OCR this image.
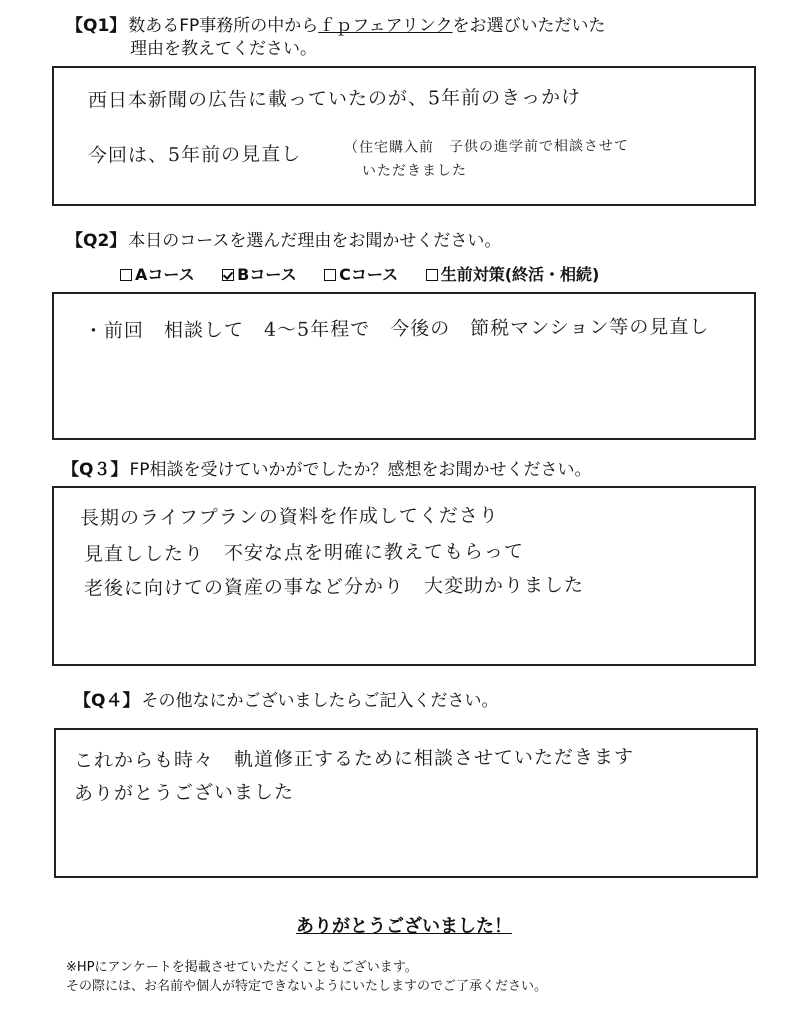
【Q1】 数あるFP事務所の中からｆｐフェアリンクをお選びいただいた
理由を教えてください。
西日本新聞の広告に載っていたのが、5年前のきっかけ
今回は、5年前の見直し	（住宅購入前　子供の進学前で相談させて
いただきました
【Q2】 本日のコースを選んだ理由をお聞かせください。
Aコース	Bコース	Cコース	生前対策(終活・相続)
・前回　相談して　4～5年程で　今後の　節税マンション等の見直し
【Q３】 FP相談を受けていかがでしたか？感想をお聞かせください。
長期のライフプランの資料を作成してくださり
見直ししたり　不安な点を明確に教えてもらって
老後に向けての資産の事など分かり　大変助かりました
【Q４】 その他なにかございましたらご記入ください。
これからも時々　軌道修正するために相談させていただきます
ありがとうございました
ありがとうございました！
※HPにアンケートを掲載させていただくこともございます。
その際には、お名前や個人が特定できないようにいたしますのでご了承ください。
